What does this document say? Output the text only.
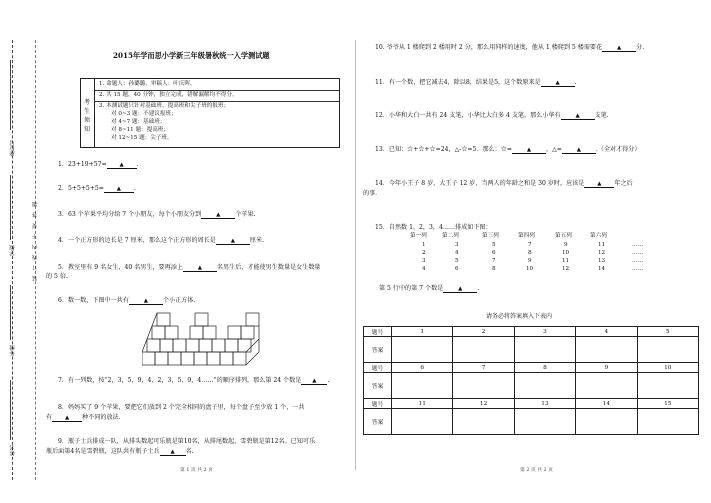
座位号
学校
年级
姓名
装 订 线 内 不 要 答 题
2015年学而思小学新三年级暑秋统一入学测试题
考
生
须
知
1. 命题人：孙璐璐，审稿人：叶庆晖。
2. 共 15 题，40 分钟，独立完成，错解漏解均不得分。
3. 本测试题只针对基础班、提高班和尖子班的报班；
对 0~3 题：不建议报班；
对 4~7 题：基础班；
对 8~11 题：提高班；
对 12~15 题：尖子班。
1．23+19+57= ▲ .
2．5+5+5+5= ▲ .
3．63 个苹果平均分给 7 个小朋友，每个小朋友分到	▲ 个苹果.
4．一个正方形的边长是 7 厘米，那么这个正方形的周长是	▲ 厘米.
5．教室里有 9 名女生，40 名男生，要再添上	▲ 名男生后，才能使男生数量是女生数量
的 5 倍.
6．数一数，下图中一共有	▲ 个小正方体.
7．有一列数，按“2，3，5，9，4，2，3，5，9，4……”的顺序排列，那么第 24 个数是 ▲ .
8．妈妈买了 9 个苹果，要把它们放到 2 个完全相同的盘子里，每个盘子至少放 1 个，一共
有 ▲ 种不同的放法.
9．瓶子士兵排成一队，从排头数起可乐瓶是第10名，从排尾数起，雪碧瓶是第12名。已知可乐
瓶后面第4名是雪碧瓶，这队共有瓶子士兵 ▲ 名.
10. 爷爷从 1 楼爬到 2 楼用时 2 分，那么用同样的速度，他从 1 楼爬到 5 楼需要花	▲ 分.
11．有一个数，把它减去4，除以8，结果是5，这个数原来是	▲ .
12．小华和大白一共有 24 支笔，小华比大白多 4 支笔，那么小华有	▲ 支笔.
13．已知：☆+☆+☆=24，△-☆=5．那么：☆=	▲ ，△=	▲ .（全对才得分）
14．今年小王子 8 岁，大王子 12 岁，当两人的年龄之和是 30 岁时，应该是 ▲ 年之后
的事.
15．自然数 1，2，3，4……排成如下图：
第一列	第二列	第三列	第四列	第五列	第六列
1	3	5	7	9	11	……
2	4	6	8	10	12	……
3	5	7	9	11	13	……
4	6	8	10	12	14	……
第 5 行中的第 7 个数是	▲ .
请务必将答案填入下表内
题号	1	2	3	4	5
答案					
题号	6	7	8	9	10
答案					
题号	11	12	13	14	15
答案					
第 1 页 共 2 页	第 2 页 共 2 页
